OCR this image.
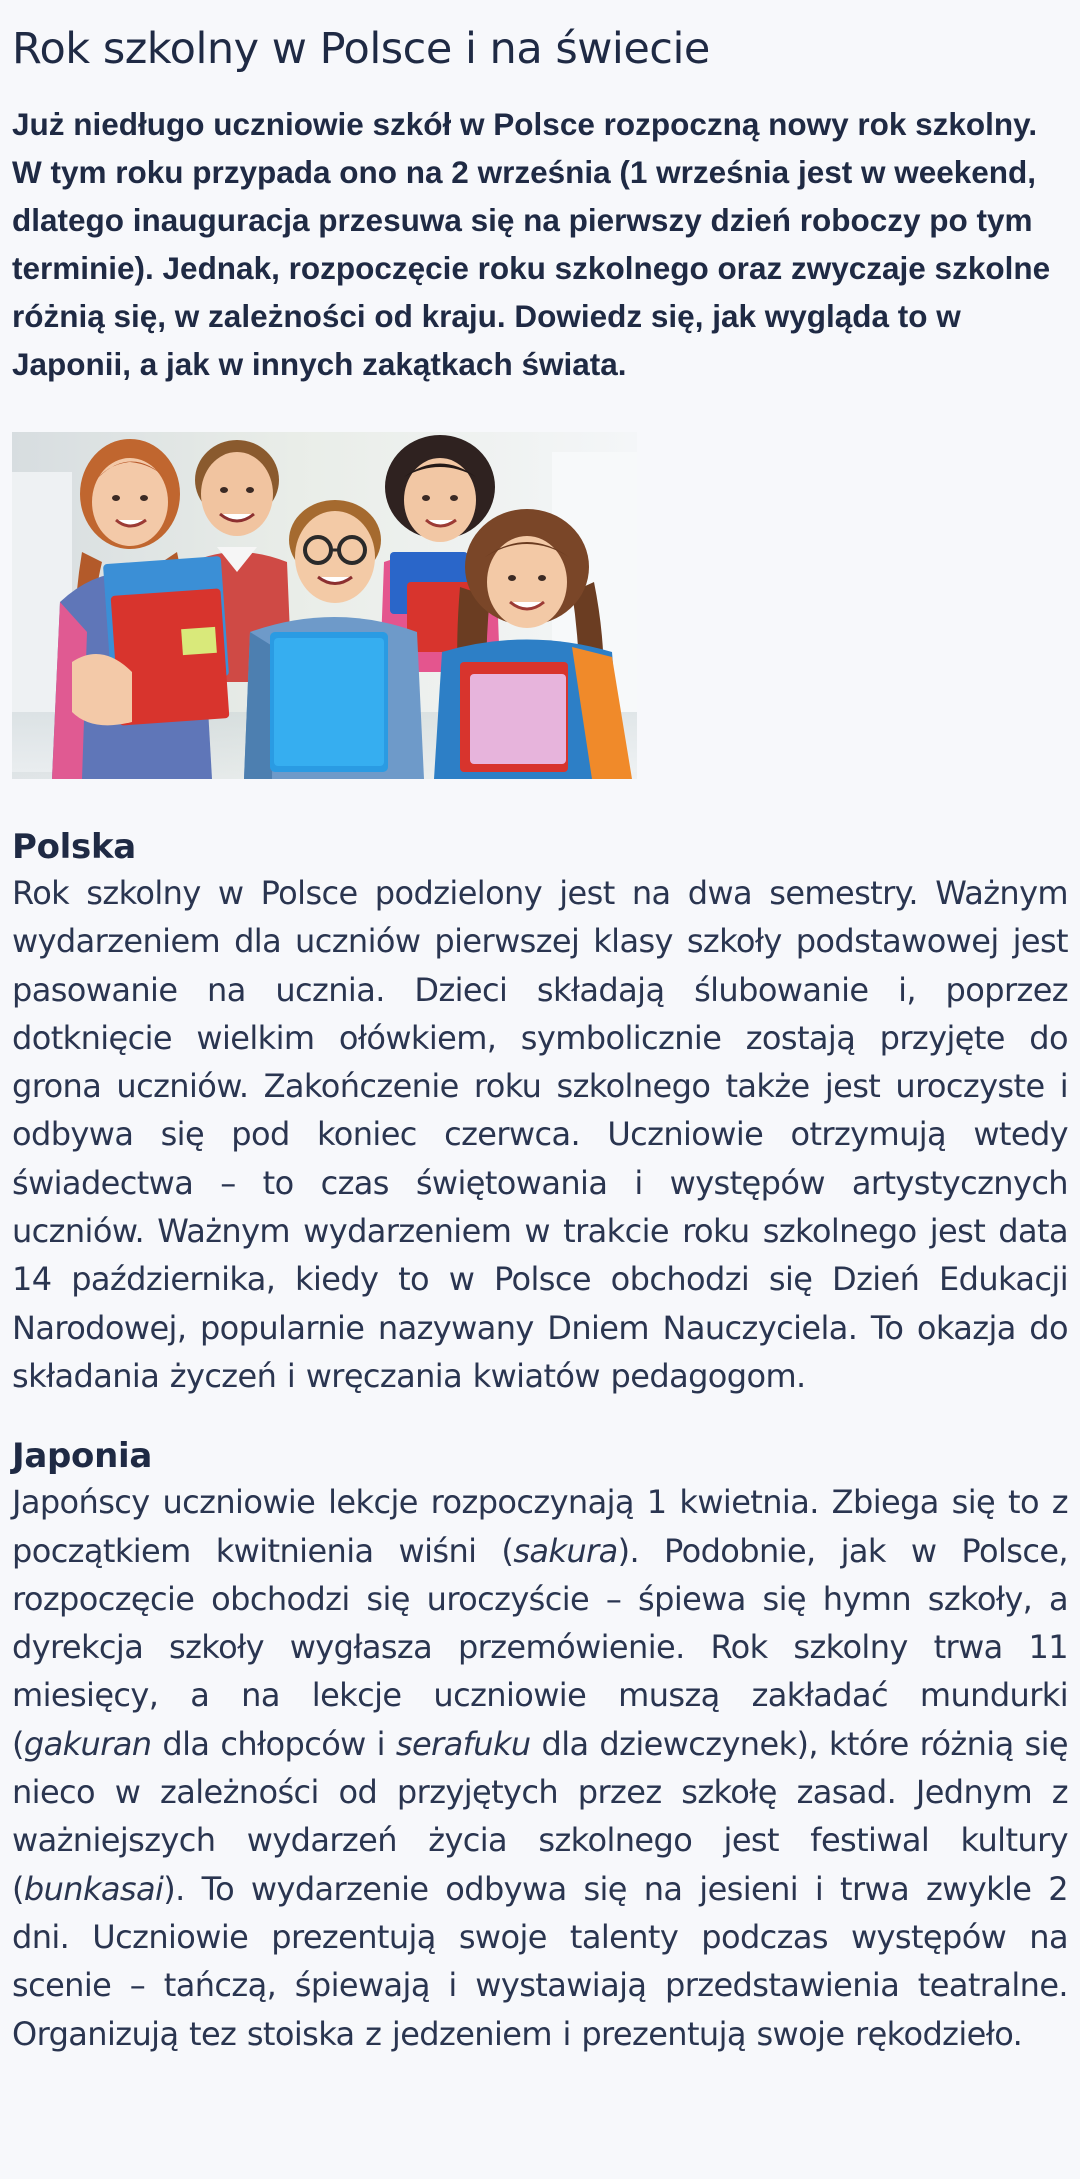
Rok szkolny w Polsce i na świecie

Już niedługo uczniowie szkół w Polsce rozpoczną nowy rok szkolny. W tym roku przypada ono na 2 września (1 września jest w weekend, dlatego inauguracja przesuwa się na pierwszy dzień roboczy po tym terminie). Jednak, rozpoczęcie roku szkolnego oraz zwyczaje szkolne różnią się, w zależności od kraju. Dowiedz się, jak wygląda to w Japonii, a jak w innych zakątkach świata.

Polska

Rok szkolny w Polsce podzielony jest na dwa semestry. Ważnym wydarzeniem dla uczniów pierwszej klasy szkoły podstawowej jest pasowanie na ucznia. Dzieci składają ślubowanie i, poprzez dotknięcie wielkim ołówkiem, symbolicznie zostają przyjęte do grona uczniów. Zakończenie roku szkolnego także jest uroczyste i odbywa się pod koniec czerwca. Uczniowie otrzymują wtedy świadectwa – to czas świętowania i występów artystycznych uczniów. Ważnym wydarzeniem w trakcie roku szkolnego jest data 14 października, kiedy to w Polsce obchodzi się Dzień Edukacji Narodowej, popularnie nazywany Dniem Nauczyciela. To okazja do składania życzeń i wręczania kwiatów pedagogom.

Japonia

Japońscy uczniowie lekcje rozpoczynają 1 kwietnia. Zbiega się to z początkiem kwitnienia wiśni (sakura). Podobnie, jak w Polsce, rozpoczęcie obchodzi się uroczyście – śpiewa się hymn szkoły, a dyrekcja szkoły wygłasza przemówienie. Rok szkolny trwa 11 miesięcy, a na lekcje uczniowie muszą zakładać mundurki (gakuran dla chłopców i serafuku dla dziewczynek), które różnią się nieco w zależności od przyjętych przez szkołę zasad. Jednym z ważniejszych wydarzeń życia szkolnego jest festiwal kultury (bunkasai). To wydarzenie odbywa się na jesieni i trwa zwykle 2 dni. Uczniowie prezentują swoje talenty podczas występów na scenie – tańczą, śpiewają i wystawiają przedstawienia teatralne. Organizują tez stoiska z jedzeniem i prezentują swoje rękodzieło.
